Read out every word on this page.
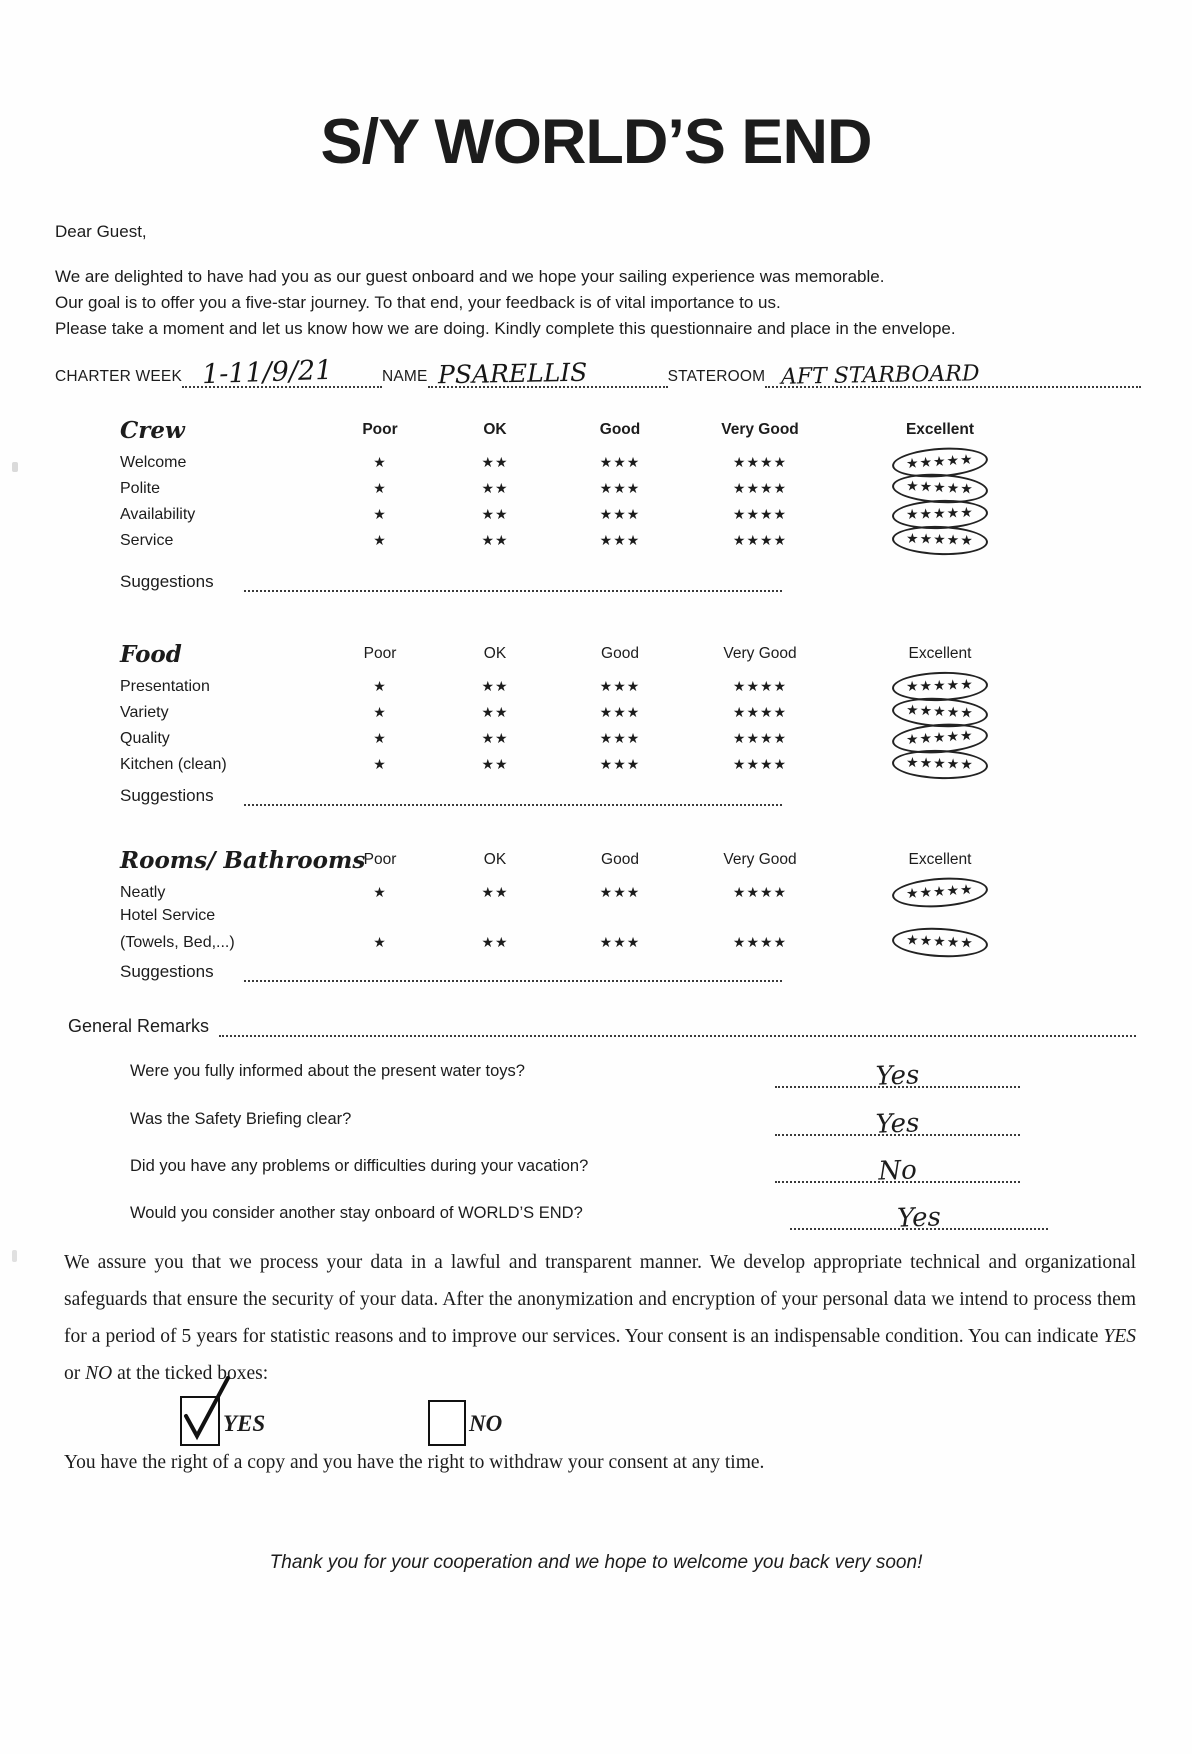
S/Y WORLD’S END
Dear Guest,
We are delighted to have had you as our guest onboard and we hope your sailing experience was memorable.
Our goal is to offer you a five-star journey. To that end, your feedback is of vital importance to us.
Please take a moment and let us know how we are doing. Kindly complete this questionnaire and place in the envelope.
CHARTER WEEK 1-11/9/21	NAME PSARELLIS	STATEROOM AFT STARBOARD
Crew	Poor	OK	Good	Very Good	Excellent
Welcome	★	★★	★★★	★★★★	★★★★★
Polite	★	★★	★★★	★★★★	★★★★★
Availability	★	★★	★★★	★★★★	★★★★★
Service	★	★★	★★★	★★★★	★★★★★
Suggestions
Food	Poor	OK	Good	Very Good	Excellent
Presentation	★	★★	★★★	★★★★	★★★★★
Variety	★	★★	★★★	★★★★	★★★★★
Quality	★	★★	★★★	★★★★	★★★★★
Kitchen (clean)	★	★★	★★★	★★★★	★★★★★
Suggestions
Rooms/ Bathrooms
Poor	OK	Good	Very Good	Excellent
Neatly	★	★★	★★★	★★★★	★★★★★
Hotel Service
(Towels, Bed,...)	★	★★	★★★	★★★★	★★★★★
Suggestions
General Remarks
Were you fully informed about the present water toys?	Yes
Was the Safety Briefing clear?	Yes
Did you have any problems or difficulties during your vacation?	No
Would you consider another stay onboard of WORLD’S END?	Yes
We assure you that we process your data in a lawful and transparent manner. We develop appropriate technical and organizational safeguards that ensure the security of your data. After the anonymization and encryption of your personal data we intend to process them for a period of 5 years for statistic reasons and to improve our services. Your consent is an indispensable condition. You can indicate YES or NO at the ticked boxes:
YES	NO
You have the right of a copy and you have the right to withdraw your consent at any time.
Thank you for your cooperation and we hope to welcome you back very soon!
